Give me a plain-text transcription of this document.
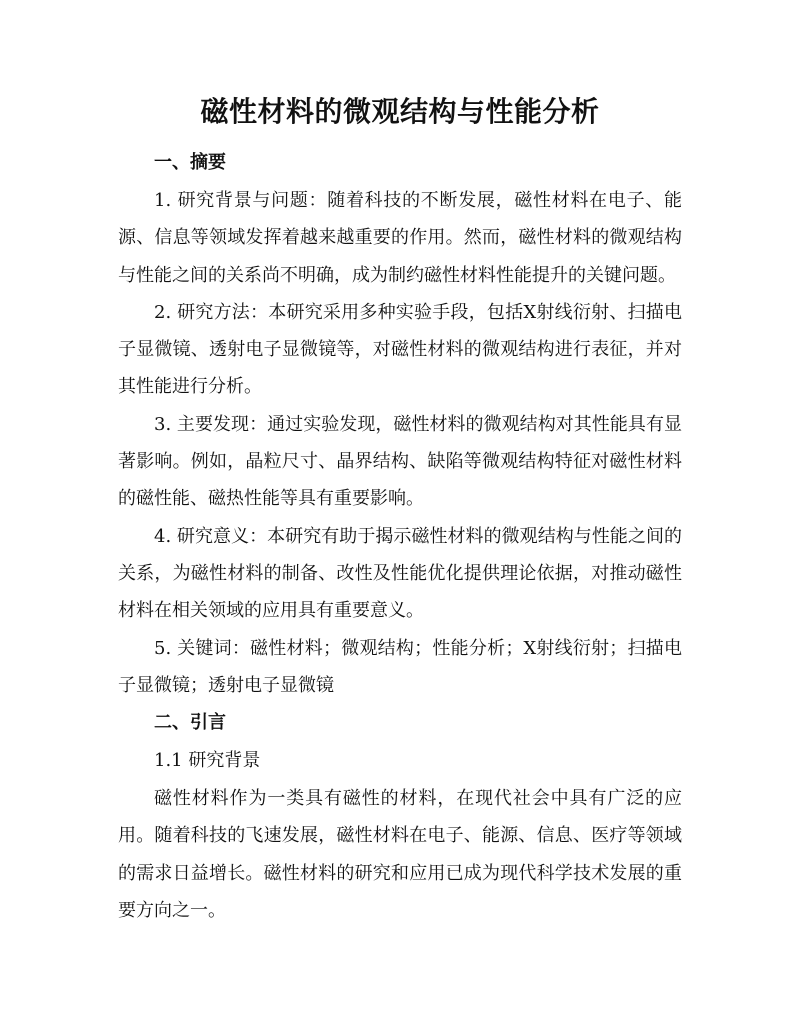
磁性材料的微观结构与性能分析
一、摘要

1. 研究背景与问题：随着科技的不断发展，磁性材料在电子、能源、信息等领域发挥着越来越重要的作用。然而，磁性材料的微观结构与性能之间的关系尚不明确，成为制约磁性材料性能提升的关键问题。

2. 研究方法：本研究采用多种实验手段，包括X射线衍射、扫描电子显微镜、透射电子显微镜等，对磁性材料的微观结构进行表征，并对其性能进行分析。

3. 主要发现：通过实验发现，磁性材料的微观结构对其性能具有显著影响。例如，晶粒尺寸、晶界结构、缺陷等微观结构特征对磁性材料的磁性能、磁热性能等具有重要影响。

4. 研究意义：本研究有助于揭示磁性材料的微观结构与性能之间的关系，为磁性材料的制备、改性及性能优化提供理论依据，对推动磁性材料在相关领域的应用具有重要意义。

5. 关键词：磁性材料；微观结构；性能分析；X射线衍射；扫描电子显微镜；透射电子显微镜

二、引言

1.1 研究背景

磁性材料作为一类具有磁性的材料，在现代社会中具有广泛的应用。随着科技的飞速发展，磁性材料在电子、能源、信息、医疗等领域的需求日益增长。磁性材料的研究和应用已成为现代科学技术发展的重要方向之一。
